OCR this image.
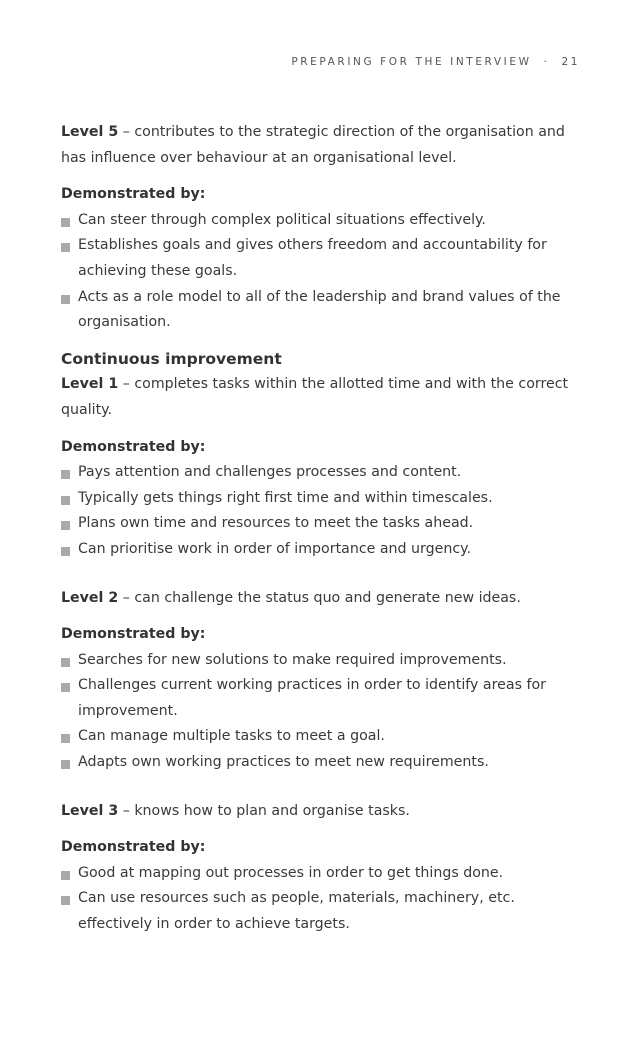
PREPARING FOR THE INTERVIEW · 21

Level 5 – contributes to the strategic direction of the organisation and has influence over behaviour at an organisational level.

Demonstrated by:

Can steer through complex political situations effectively.
Establishes goals and gives others freedom and accountability for achieving these goals.
Acts as a role model to all of the leadership and brand values of the organisation.

Continuous improvement

Level 1 – completes tasks within the allotted time and with the correct quality.

Demonstrated by:

Pays attention and challenges processes and content.
Typically gets things right first time and within timescales.
Plans own time and resources to meet the tasks ahead.
Can prioritise work in order of importance and urgency.

Level 2 – can challenge the status quo and generate new ideas.

Demonstrated by:

Searches for new solutions to make required improvements.
Challenges current working practices in order to identify areas for improvement.
Can manage multiple tasks to meet a goal.
Adapts own working practices to meet new requirements.

Level 3 – knows how to plan and organise tasks.

Demonstrated by:

Good at mapping out processes in order to get things done.
Can use resources such as people, materials, machinery, etc. effectively in order to achieve targets.
